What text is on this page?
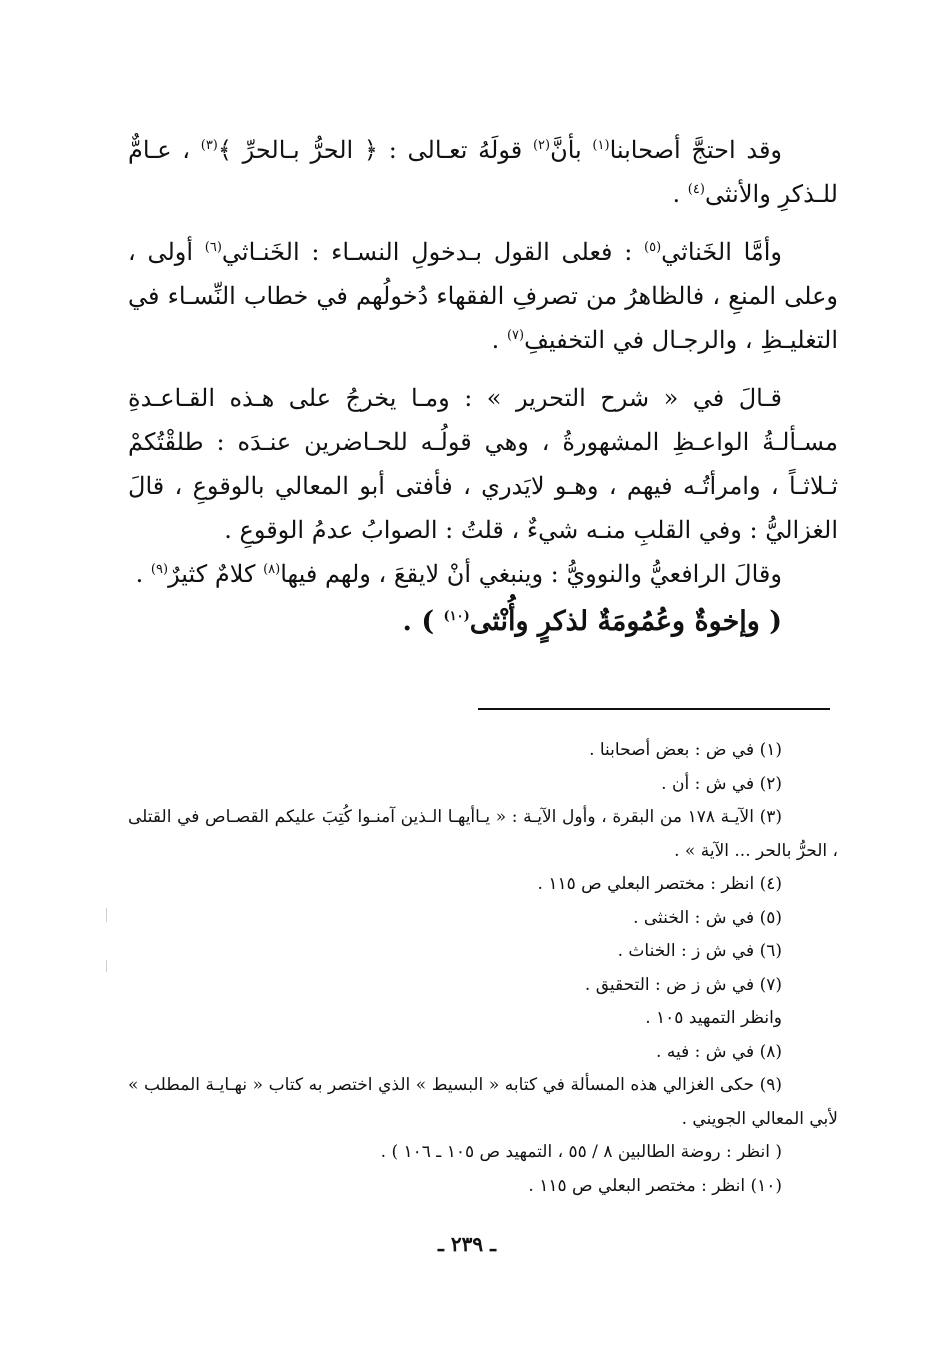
وقد احتجَّ أصحابنا$^{(١)}$ بأنَّ$^{(٢)}$ قولَهُ تعـالى : ﴿ الحرُّ بـالحرِّ ﴾$^{(٣)}$ ، عـامٌّ للـذكرِ والأنثى$^{(٤)}$ .

وأمَّا الخَناثي$^{(٥)}$ : فعلى القول بـدخولِ النسـاء : الخَنـاثي$^{(٦)}$ أولى ، وعلى المنعِ ، فالظاهرُ من تصرفِ الفقهاء دُخولُهم في خطاب النِّسـاء في التغليـظِ ، والرجـال في التخفيفِ$^{(٧)}$ .

قـالَ في « شرح التحرير » : ومـا يخرجُ على هـذه القـاعـدةِ مسـألـةُ الواعـظِ المشهورةُ ، وهي قولُـه للحـاضرين عنـدَه : طلقْتُكمْ ثـلاثـاً ، وامرأتُـه فيهم ، وهـو لايَدري ، فأفتى أبو المعالي بالوقوعِ ، قالَ الغزاليُّ : وفي القلبِ منـه شيءٌ ، قلتُ : الصوابُ عدمُ الوقوعِ .

وقالَ الرافعيُّ والنوويُّ : وينبغي أنْ لايقعَ ، ولهم فيها$^{(٨)}$ كلامٌ كثيرٌ$^{(٩)}$ .

( وإخوةٌ وعُمُومَةٌ لذكرٍ وأُنْثى$^{(١٠)}$ ) .

(١) في ض : بعض أصحابنا .
(٢) في ش : أن .
(٣) الآيـة ١٧٨ من البقرة ، وأول الآيـة : « يـاأيهـا الـذين آمنـوا كُتِبَ عليكم القصـاص في القتلى ، الحرُّ بالحر ... الآية » .
(٤) انظر : مختصر البعلي ص ١١٥ .
(٥) في ش : الخنثى .
(٦) في ش ز : الخناث .
(٧) في ش ز ض : التحقيق .
وانظر التمهيد ١٠٥ .
(٨) في ش : فيه .
(٩) حكى الغزالي هذه المسألة في كتابه « البسيط » الذي اختصر به كتاب « نهـايـة المطلب » لأبي المعالي الجويني .
( انظر : روضة الطالبين ٨ / ٥٥ ، التمهيد ص ١٠٥ ـ ١٠٦ ) .
(١٠) انظر : مختصر البعلي ص ١١٥ .
ـ ٢٣٩ ـ
